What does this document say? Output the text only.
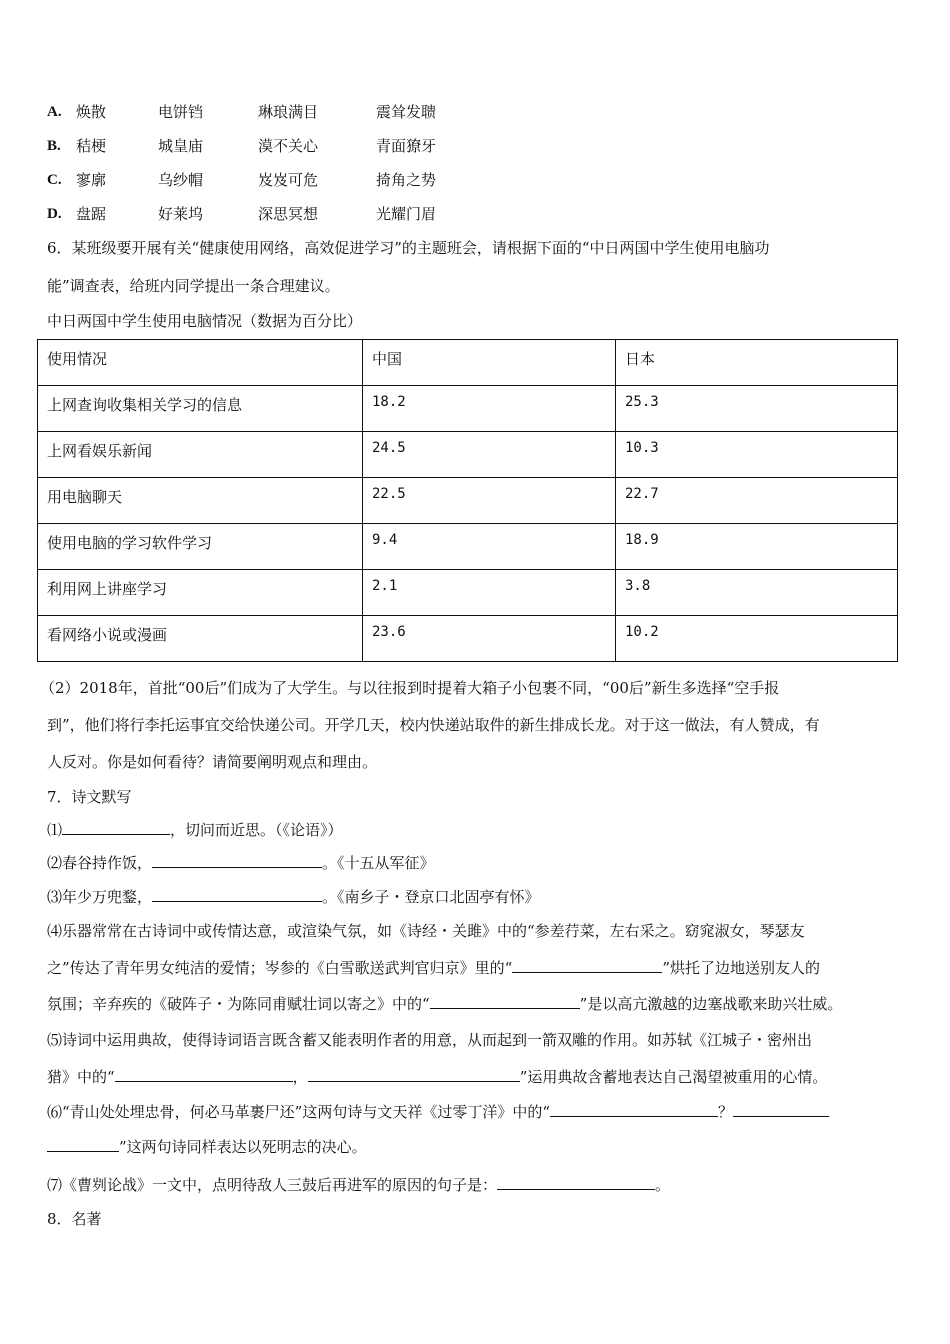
A. 焕散	电饼铛	琳琅满目	震耸发聩
B. 秸梗	城皇庙	漠不关心	青面獠牙
C. 寥廓	乌纱帽	岌岌可危	掎角之势
D. 盘踞	好莱坞	深思冥想	光耀门眉
6．某班级要开展有关“健康使用网络，高效促进学习”的主题班会，请根据下面的“中日两国中学生使用电脑功
能”调查表，给班内同学提出一条合理建议。
中日两国中学生使用电脑情况（数据为百分比）
使用情况	中国	日本
上网查询收集相关学习的信息	18.2	25.3
上网看娱乐新闻	24.5	10.3
用电脑聊天	22.5	22.7
使用电脑的学习软件学习	9.4	18.9
利用网上讲座学习	2.1	3.8
看网络小说或漫画	23.6	10.2
（2）2018年，首批“00后”们成为了大学生。与以往报到时提着大箱子小包裹不同，“00后”新生多选择“空手报
到”，他们将行李托运事宜交给快递公司。开学几天，校内快递站取件的新生排成长龙。对于这一做法，有人赞成，有
人反对。你是如何看待？请简要阐明观点和理由。
7．诗文默写
⑴	，切问而近思。（《论语》）
⑵春谷持作饭，	。《十五从军征》
⑶年少万兜鍪，	。《南乡子・登京口北固亭有怀》
⑷乐器常常在古诗词中或传情达意，或渲染气氛，如《诗经・关雎》中的“参差荇菜，左右采之。窈窕淑女，琴瑟友
之”传达了青年男女纯洁的爱情；岑参的《白雪歌送武判官归京》里的“	”烘托了边地送别友人的
氛围；辛弃疾的《破阵子・为陈同甫赋壮词以寄之》中的“	”是以高亢激越的边塞战歌来助兴壮威。
⑸诗词中运用典故，使得诗词语言既含蓄又能表明作者的用意，从而起到一箭双雕的作用。如苏轼《江城子・密州出
猎》中的“	，	”运用典故含蓄地表达自己渴望被重用的心情。
⑹“青山处处埋忠骨，何必马革裹尸还”这两句诗与文天祥《过零丁洋》中的“	？
”这两句诗同样表达以死明志的决心。
⑺《曹刿论战》一文中，点明待敌人三鼓后再进军的原因的句子是：	。
8．名著
